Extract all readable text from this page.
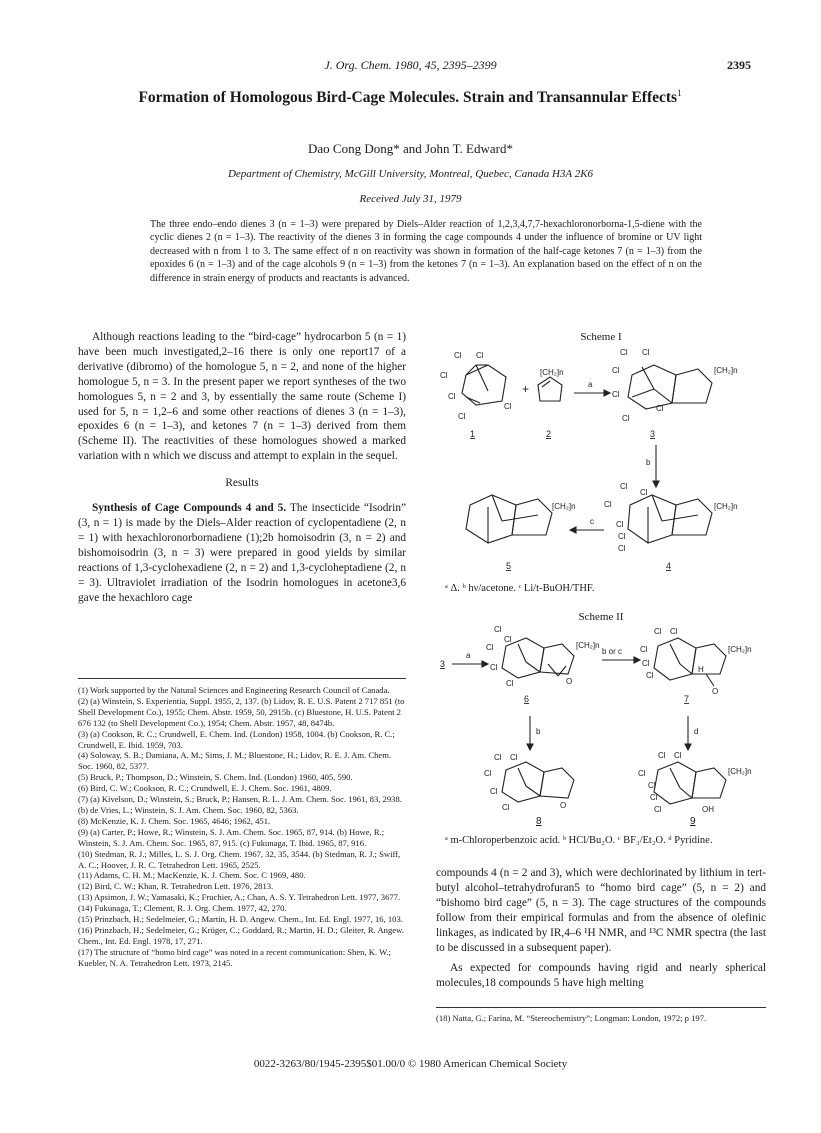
J. Org. Chem. 1980, 45, 2395–2399	2395
Formation of Homologous Bird-Cage Molecules. Strain and Transannular Effects$^1$
Dao Cong Dong* and John T. Edward*
Department of Chemistry, McGill University, Montreal, Quebec, Canada H3A 2K6
Received July 31, 1979
The three endo–endo dienes 3 (n = 1–3) were prepared by Diels–Alder reaction of 1,2,3,4,7,7-hexachloronorborna-1,5-diene with the cyclic dienes 2 (n = 1–3). The reactivity of the dienes 3 in forming the cage compounds 4 under the influence of bromine or UV light decreased with n from 1 to 3. The same effect of n on reactivity was shown in formation of the half-cage ketones 7 (n = 1–3) from the epoxides 6 (n = 1–3) and of the cage alcohols 9 (n = 1–3) from the ketones 7 (n = 1–3). An explanation based on the effect of n on the difference in strain energy of products and reactants is advanced.

Although reactions leading to the “bird-cage” hydrocarbon 5 (n = 1) have been much investigated,2–16 there is only one report17 of a derivative (dibromo) of the homologue 5, n = 2, and none of the higher homologue 5, n = 3. In the present paper we report syntheses of the two homologues 5, n = 2 and 3, by essentially the same route (Scheme I) used for 5, n = 1,2–6 and some other reactions of dienes 3 (n = 1–3), epoxides 6 (n = 1–3), and ketones 7 (n = 1–3) derived from them (Scheme II). The reactivities of these homologues showed a marked variation with n which we discuss and attempt to explain in the sequel.

Results

Synthesis of Cage Compounds 4 and 5. The insecticide “Isodrin” (3, n = 1) is made by the Diels–Alder reaction of cyclopentadiene (2, n = 1) with hexachloronorbornadiene (1);2b homoisodrin (3, n = 2) and bishomoisodrin (3, n = 3) were prepared in good yields by similar reactions of 1,3-cyclohexadiene (2, n = 2) and 1,3-cycloheptadiene (2, n = 3). Ultraviolet irradiation of the Isodrin homologues in acetone3,6 gave the hexachloro cage

(1) Work supported by the Natural Sciences and Engineering Research Council of Canada.
(2) (a) Winstein, S. Experientia, Suppl. 1955, 2, 137. (b) Lidov, R. E. U.S. Patent 2 717 851 (to Shell Development Co.), 1955; Chem. Abstr. 1959, 50, 2915b. (c) Bluestone, H. U.S. Patent 2 676 132 (to Shell Development Co.), 1954; Chem. Abstr. 1957, 48, 8474b.
(3) (a) Cookson, R. C.; Crundwell, E. Chem. Ind. (London) 1958, 1004. (b) Cookson, R. C.; Crundwell, E. Ibid. 1959, 703.
(4) Soloway, S. B.; Damiana, A. M.; Sims, J. M.; Bluestone, H.; Lidov, R. E. J. Am. Chem. Soc. 1960, 82, 5377.
(5) Bruck, P.; Thompson, D.; Winstein, S. Chem. Ind. (London) 1960, 405, 590.
(6) Bird, C. W.; Cookson, R. C.; Crundwell, E. J. Chem. Soc. 1961, 4809.
(7) (a) Kivelson, D.; Winstein, S.; Bruck, P.; Hansen, R. L. J. Am. Chem. Soc. 1961, 83, 2938. (b) de Vries, L.; Winstein, S. J. Am. Chem. Soc. 1960, 82, 5363.
(8) McKenzie, K. J. Chem. Soc. 1965, 4646; 1962, 451.
(9) (a) Carter, P.; Howe, R.; Winstein, S. J. Am. Chem. Soc. 1965, 87, 914. (b) Howe, R.; Winstein, S. J. Am. Chem. Soc. 1965, 87, 915. (c) Fukunaga, T. Ibid. 1965, 87, 916.
(10) Stedman, R. J.; Milles, L. S. J. Org. Chem. 1967, 32, 35, 3544. (b) Stedman, R. J.; Swiff, A. C.; Hoover, J. R. C. Tetrahedron Lett. 1965, 2525.
(11) Adams, C. H. M.; MacKenzie, K. J. Chem. Soc. C 1969, 480.
(12) Bird, C. W.; Khan, R. Tetrahedron Lett. 1976, 2813.
(13) Apsimon, J. W.; Yamasaki, K.; Fruchier, A.; Chan, A. S. Y. Tetrahedron Lett. 1977, 3677.
(14) Fukunaga, T.; Clement, R. J. Org. Chem. 1977, 42, 270.
(15) Prinzbach, H.; Sedelmeier, G.; Martin, H. D. Angew. Chem., Int. Ed. Engl. 1977, 16, 103.
(16) Prinzbach, H.; Sedelmeier, G.; Krüger, C.; Goddard, R.; Martin, H. D.; Gleiter, R. Angew. Chem., Int. Ed. Engl. 1978, 17, 271.
(17) The structure of “homo bird cage” was noted in a recent communication: Shen, K. W.; Kuebler, N. A. Tetrahedron Lett. 1973, 2145.
Scheme I
Cl Cl
Cl
Cl
Cl
Cl
1
+
[CH₂]n
2
a
Cl Cl
Cl
Cl
Cl
Cl
[CH₂]n
3
b
Cl
Cl
Cl
Cl
Cl
Cl
[CH₂]n
4
c
[CH₂]n
5
ᵃ Δ. ᵇ hν/acetone. ᶜ Li/t-BuOH/THF.
Scheme II
3
a
Cl
Cl
Cl
Cl
Cl	O
[CH₂]n
6
b or c
Cl Cl
Cl
Cl
Cl
H
O
[CH₂]n
7
b	d
Cl Cl
Cl
Cl
Cl	O
Cl Cl
Cl
Cl
Cl
Cl	OH
[CH₂]n
8	9
ᵃ m-Chloroperbenzoic acid. ᵇ HCl/Bu₂O. ᶜ BF₃/Et₂O. ᵈ Pyridine.

compounds 4 (n = 2 and 3), which were dechlorinated by lithium in tert-butyl alcohol–tetrahydrofuran5 to “homo bird cage” (5, n = 2) and “bishomo bird cage” (5, n = 3). The cage structures of the compounds follow from their empirical formulas and from the absence of olefinic linkages, as indicated by IR,4–6 ¹H NMR, and ¹³C NMR spectra (the last to be discussed in a subsequent paper).

As expected for compounds having rigid and nearly spherical molecules,18 compounds 5 have high melting

(18) Natta, G.; Farina, M. “Stereochemistry”; Longman: London, 1972; p 197.
0022-3263/80/1945-2395$01.00/0 © 1980 American Chemical Society
